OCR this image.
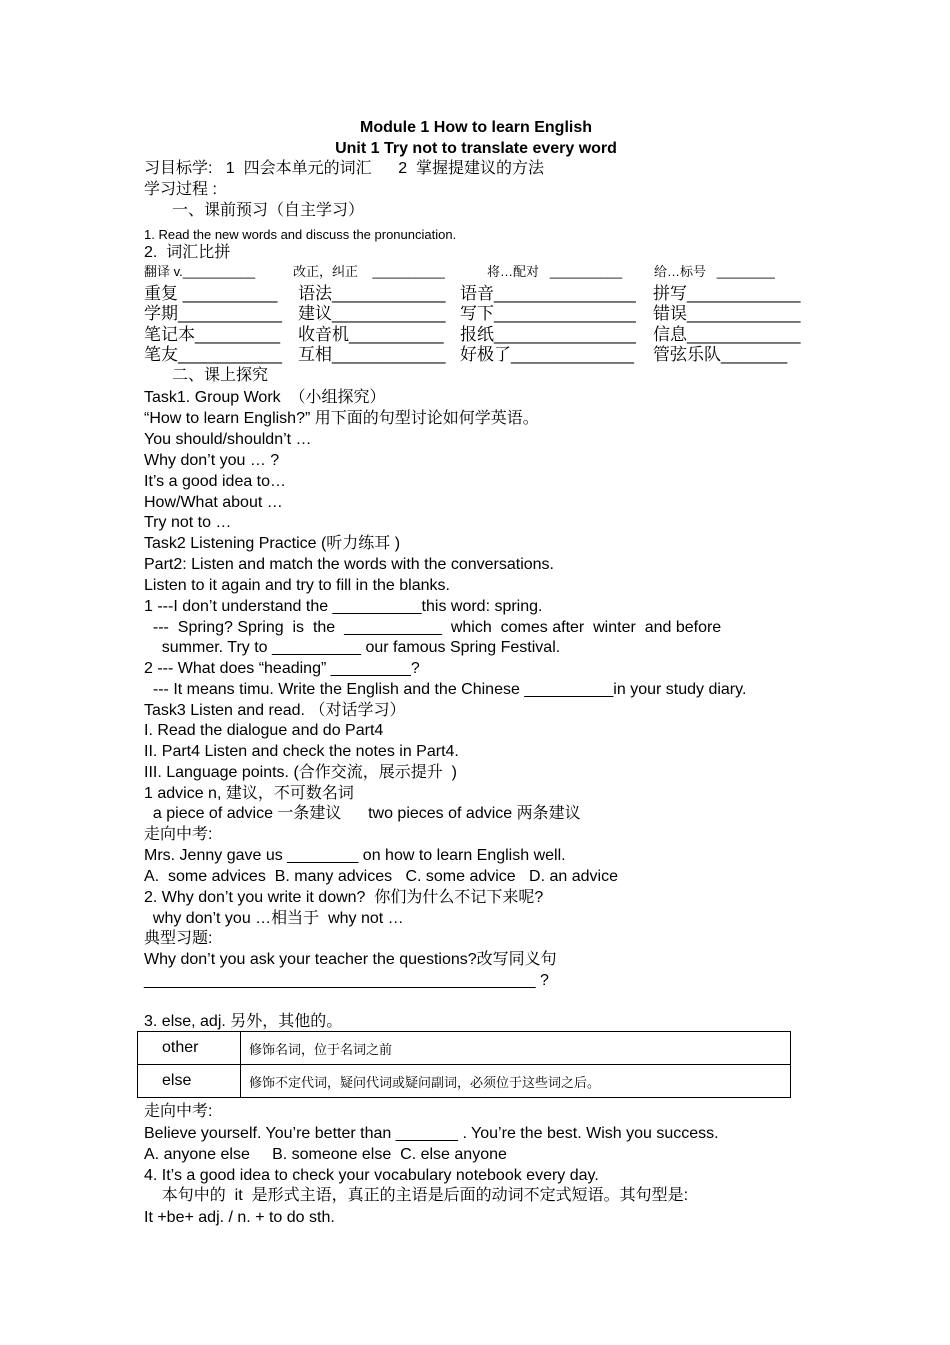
Module 1 How to learn English
Unit 1 Try not to translate every word
习目标学:   1  四会本单元的词汇      2  掌握提建议的方法
学习过程 :
一、课前预习（自主学习）
1. Read the new words and discuss the pronunciation.
2.  词汇比拼
翻译 v.__________	改正，纠正    __________	将…配对   __________ 给…标号   ________
重复 __________ 语法____________ 语音_______________ 拼写____________
学期___________ 建议____________ 写下_______________ 错误____________
笔记本_________ 收音机__________ 报纸_______________ 信息____________
笔友___________ 互相____________ 好极了_____________ 管弦乐队_______
二、课上探究
Task1. Group Work  （小组探究）
“How to learn English?” 用下面的句型讨论如何学英语。
You should/shouldn’t …
Why don’t you … ?
It’s a good idea to…
How/What about …
Try not to …
Task2 Listening Practice (听力练耳 )
Part2: Listen and match the words with the conversations.
Listen to it again and try to fill in the blanks.
1 ---I don’t understand the __________this word: spring.
---  Spring? Spring  is  the  ___________  which  comes after  winter  and before
summer. Try to __________ our famous Spring Festival.
2 --- What does “heading” _________?
--- It means timu. Write the English and the Chinese __________in your study diary.
Task3 Listen and read. （对话学习）
I. Read the dialogue and do Part4
II. Part4 Listen and check the notes in Part4.
III. Language points. (合作交流，展示提升  )
1 advice n, 建议，不可数名词
a piece of advice 一条建议      two pieces of advice 两条建议
走向中考:
Mrs. Jenny gave us ________ on how to learn English well.
A.  some advices  B. many advices   C. some advice   D. an advice
2. Why don’t you write it down?  你们为什么不记下来呢?
why don’t you …相当于  why not …
典型习题:
Why don’t you ask your teacher the questions?改写同义句
____________________________________________ ?
3. else, adj. 另外，其他的。
other	修饰名词，位于名词之前
else	修饰不定代词，疑问代词或疑问副词，必须位于这些词之后。
走向中考:
Believe yourself. You’re better than _______ . You’re the best. Wish you success.
A. anyone else     B. someone else  C. else anyone
4. It’s a good idea to check your vocabulary notebook every day.
本句中的  it  是形式主语，真正的主语是后面的动词不定式短语。其句型是:
It +be+ adj. / n. + to do sth.
